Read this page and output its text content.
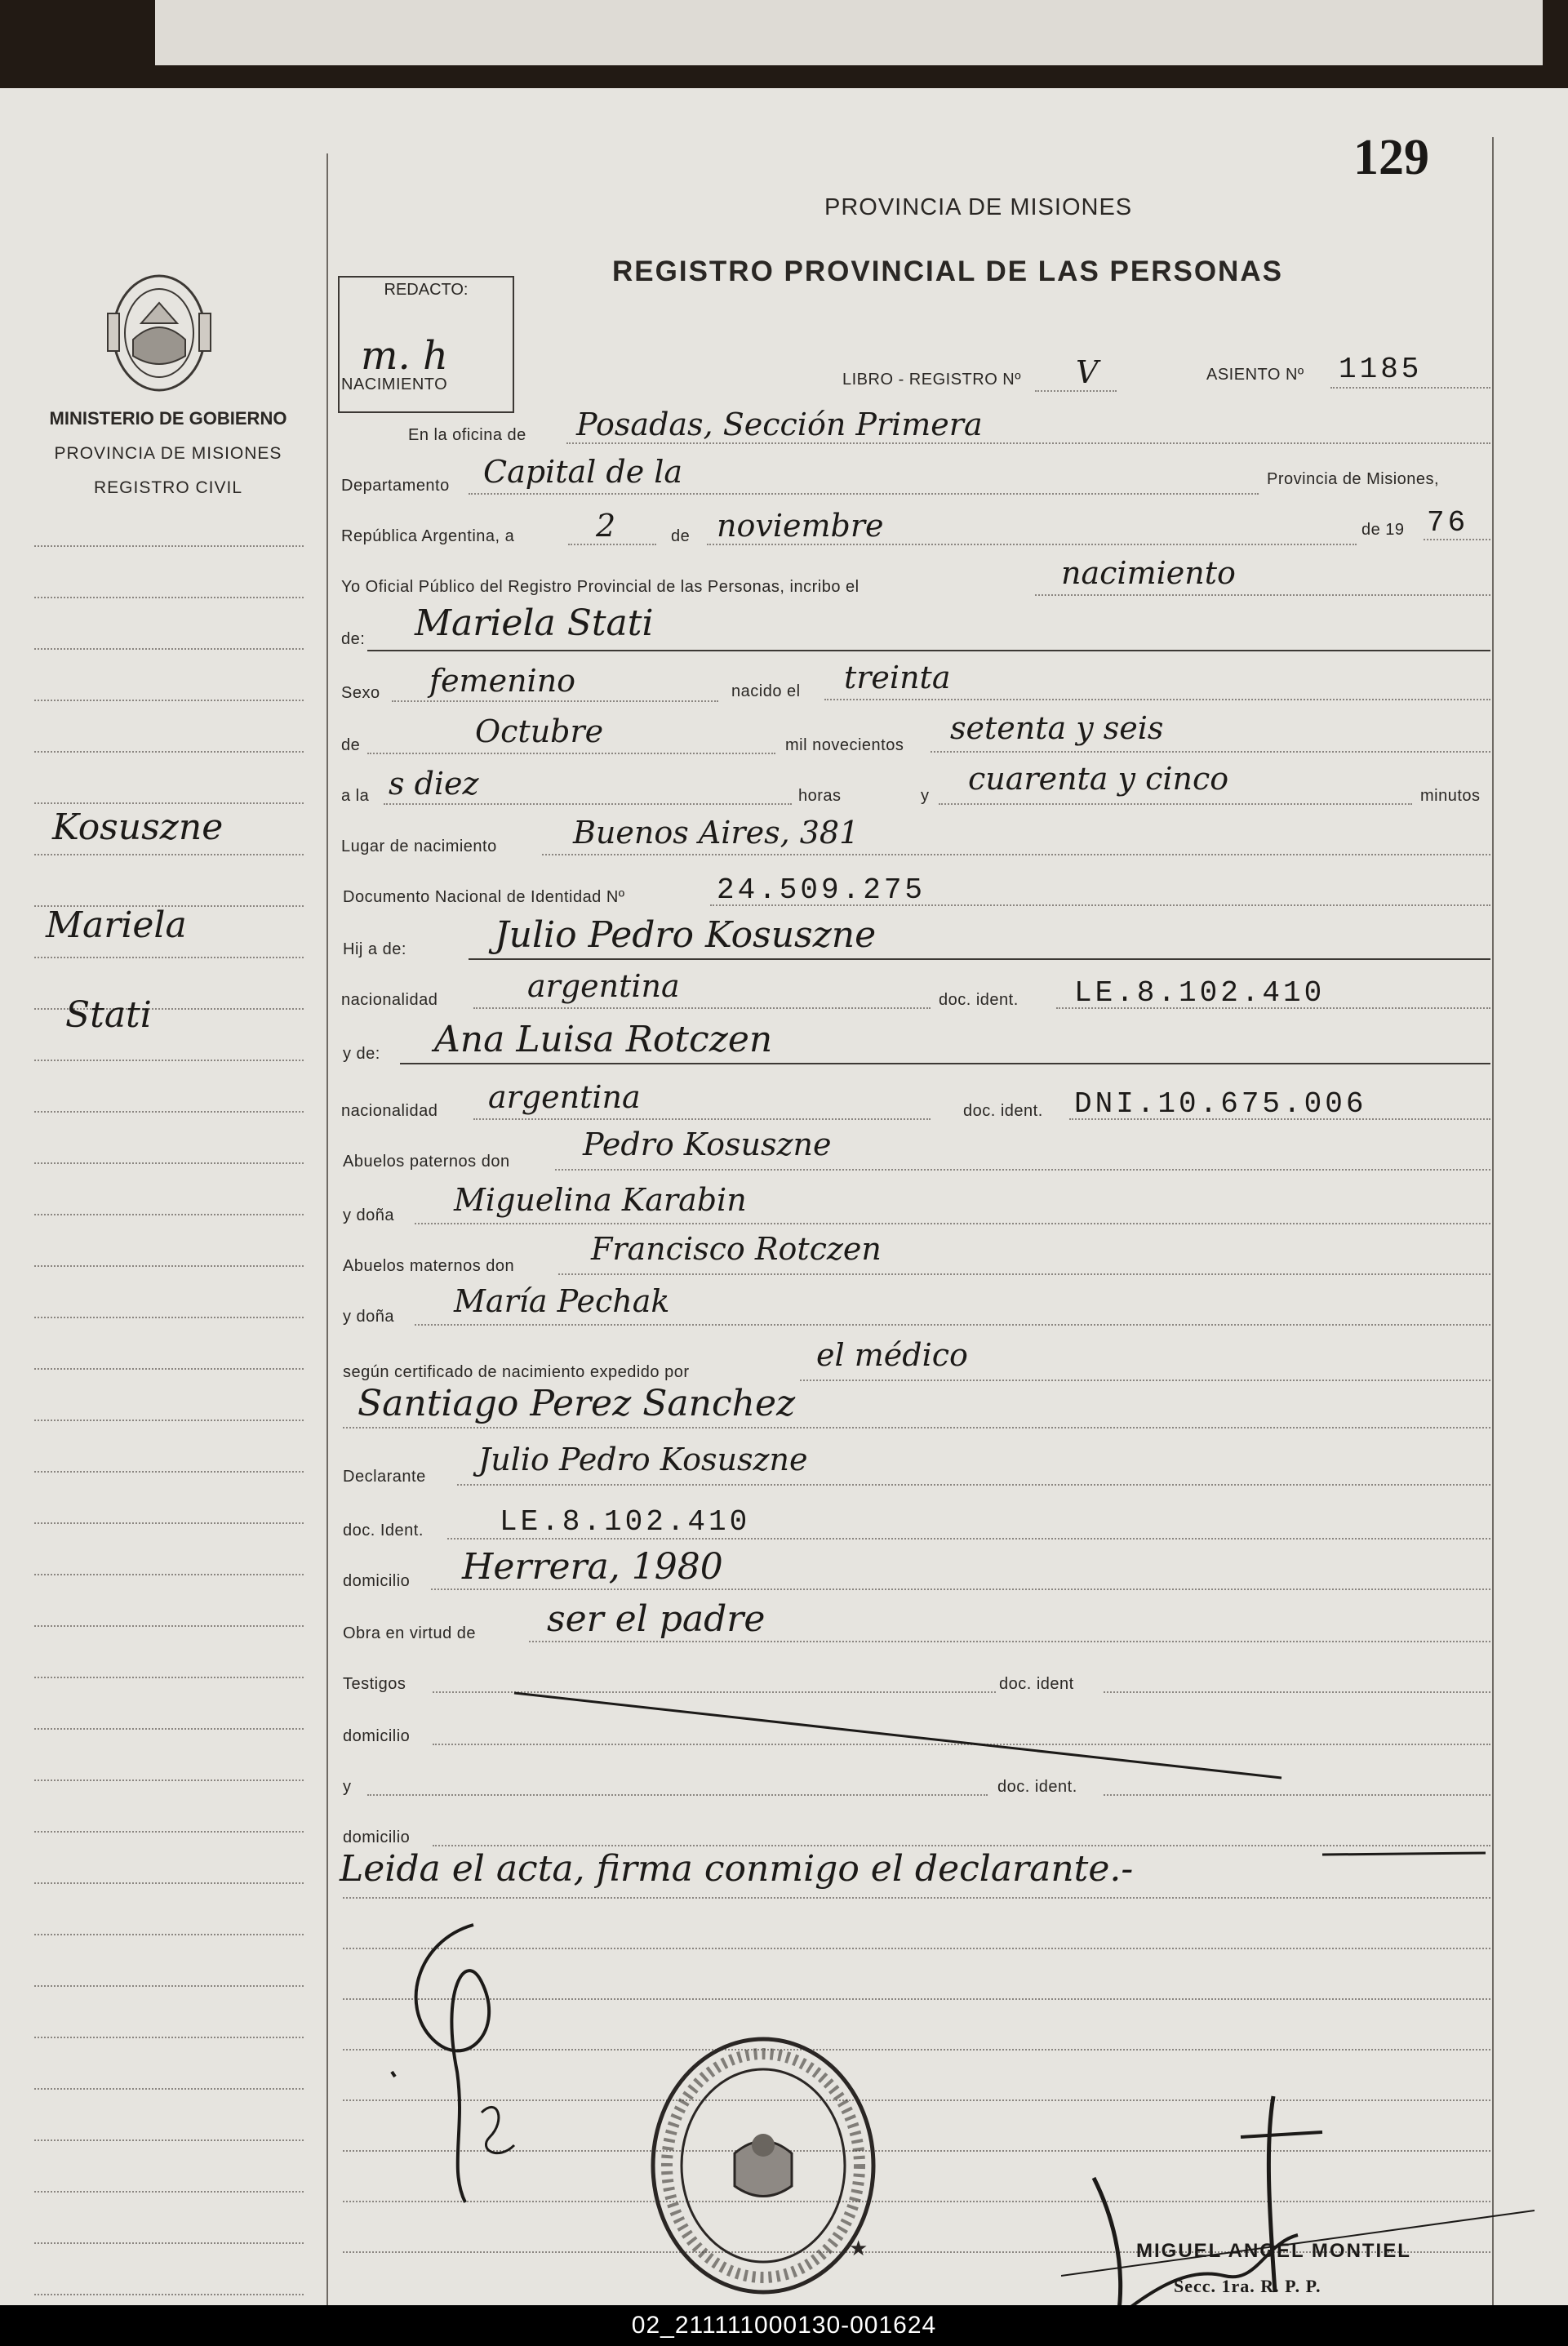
129
REDACTO:
m. h
PROVINCIA DE MISIONES
REGISTRO PROVINCIAL DE LAS PERSONAS
MINISTERIO DE GOBIERNO
PROVINCIA DE MISIONES
REGISTRO CIVIL
Kosuszne
Mariela
Stati
NACIMIENTO	LIBRO - REGISTRO Nº V	ASIENTO Nº 1185
En la oficina de Posadas, Sección Primera
Departamento Capital de la	Provincia de Misiones,
República Argentina, a	2	de noviembre	de 19 76
Yo Oficial Público del Registro Provincial de las Personas, incribo el	nacimiento
de: Mariela Stati
Sexo femenino	nacido el treinta
de	Octubre	mil novecientos setenta y seis
a la s diez	horas	y cuarenta y cinco	minutos
Lugar de nacimiento Buenos Aires, 381
Documento Nacional de Identidad Nº	24.509.275
Hij a de: Julio Pedro Kosuszne
nacionalidad	argentina	doc. ident. LE.8.102.410
y de: Ana Luisa Rotczen
nacionalidad argentina	doc. ident. DNI.10.675.006
Abuelos paternos don Pedro Kosuszne
y doña Miguelina Karabin
Abuelos maternos don Francisco Rotczen
y doña María Pechak
según certificado de nacimiento expedido por	el médico
Santiago Perez Sanchez
Declarante Julio Pedro Kosuszne
doc. Ident.	LE.8.102.410
domicilio Herrera, 1980
Obra en virtud de ser el padre
Testigos	doc. ident
domicilio
y	doc. ident.
domicilio
Leida el acta, firma conmigo el declarante.-
★	MIGUEL ANGEL MONTIEL
Secc. 1ra. R. P. P.
02_211111000130-001624
